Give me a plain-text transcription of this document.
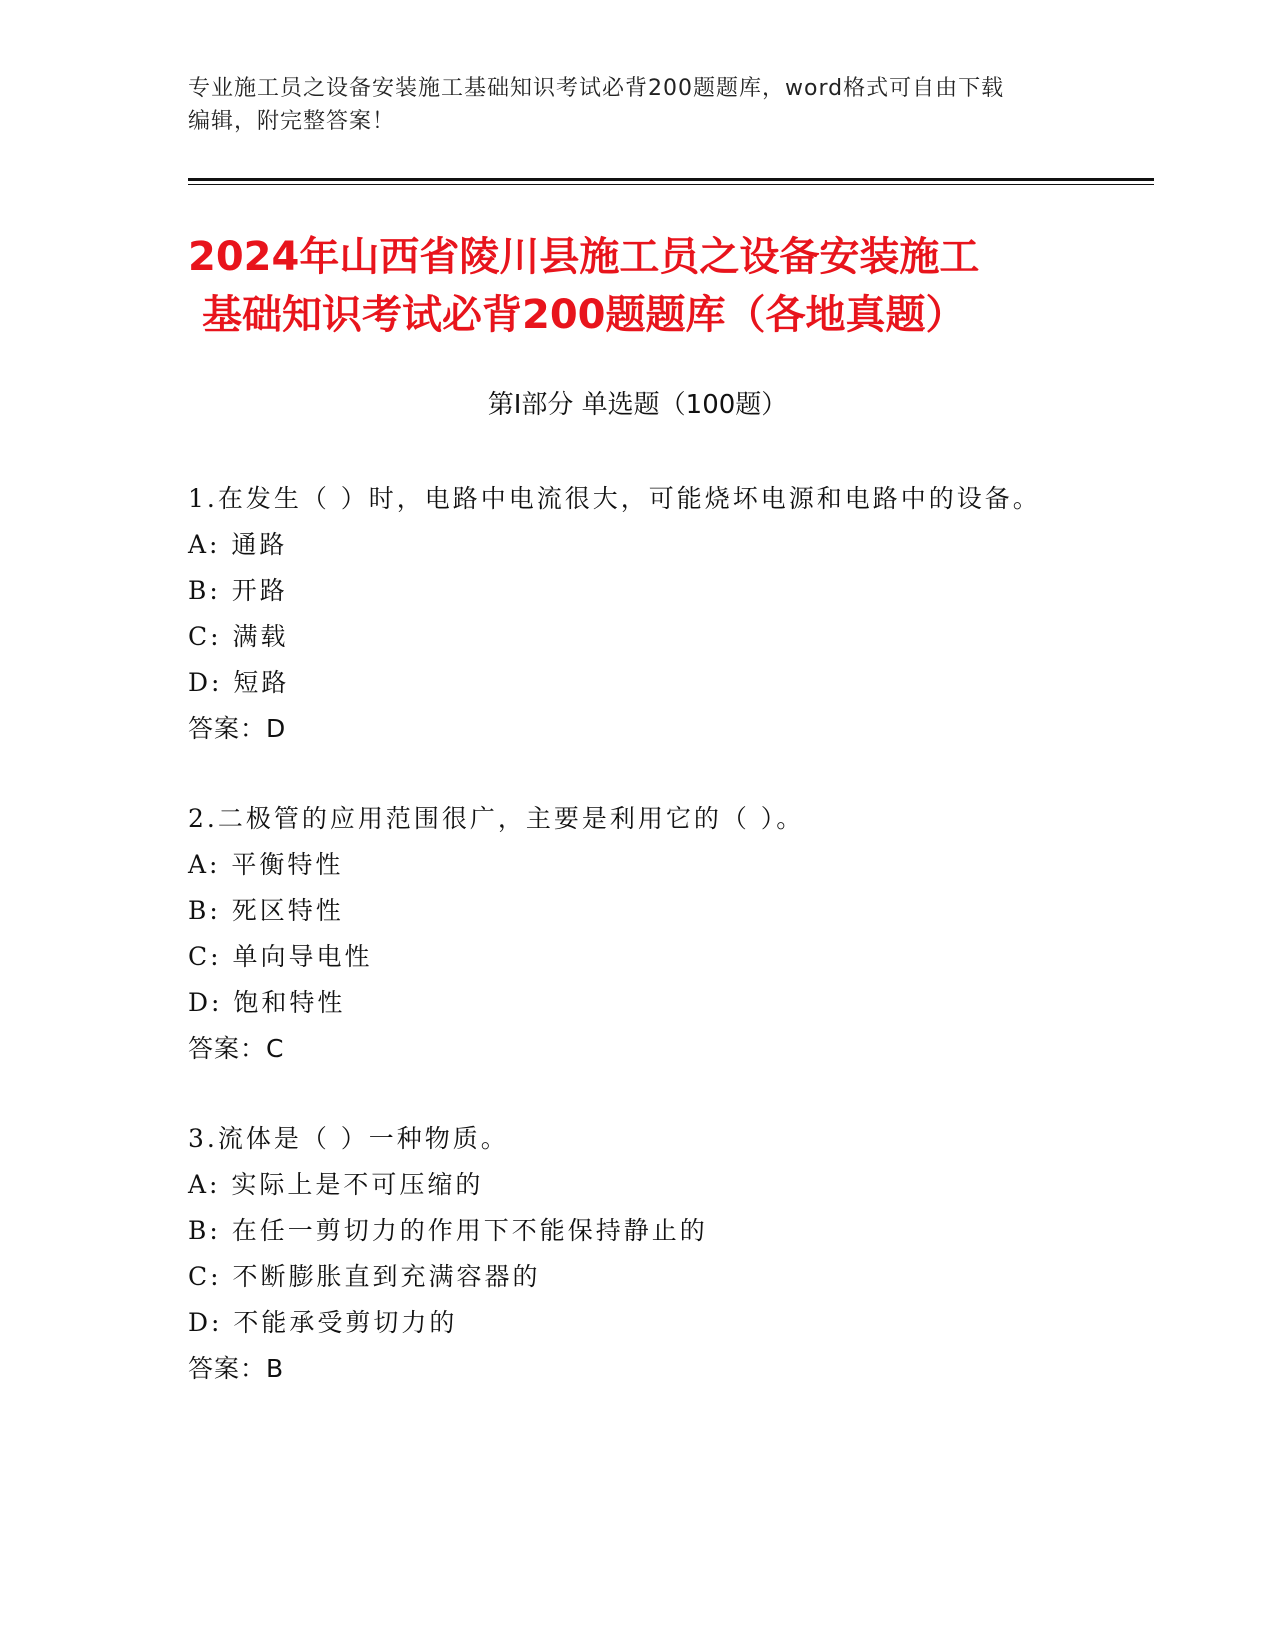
专业施工员之设备安装施工基础知识考试必背200题题库，word格式可自由下载
编辑，附完整答案！
2024年山西省陵川县施工员之设备安装施工
基础知识考试必背200题题库（各地真题）
第Ⅰ部分 单选题（100题）
1.在发生（ ）时，电路中电流很大，可能烧坏电源和电路中的设备。
A: 通路
B: 开路
C: 满载
D: 短路
答案：D
2.二极管的应用范围很广，主要是利用它的（ ）。
A: 平衡特性
B: 死区特性
C: 单向导电性
D: 饱和特性
答案：C
3.流体是（ ）一种物质。
A: 实际上是不可压缩的
B: 在任一剪切力的作用下不能保持静止的
C: 不断膨胀直到充满容器的
D: 不能承受剪切力的
答案：B
